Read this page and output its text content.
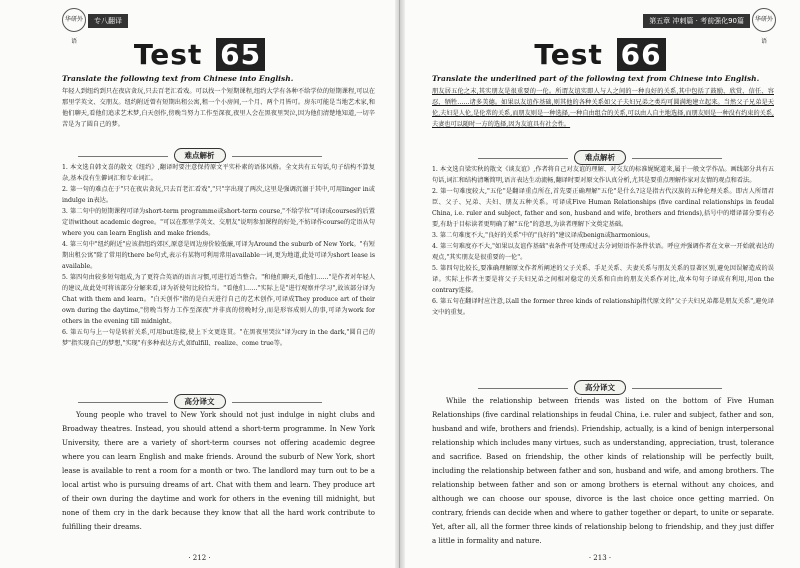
华研外语
专八翻译
Test 65
Translate the following text from Chinese into English.
年轻人到纽约到只在夜店贪玩,只去百老汇看戏。可以找一个短期课程,纽约大学有各种不给学位的短期课程,可以在那里学英文、交朋友。纽约附近曾有短期出租公寓,租一个小房间,一个月、两个月皆可。房东可能是当地艺术家,和他们聊天,看他们追求艺术梦,白天创作,傍晚当努力工作至深夜,夜里人会在黑夜里哭泣,因为他们清楚地知道,一切辛苦是为了圆自己的梦。
难点解析
1. 本文选自韩文喜的散文《纽约》,翻译时要注意保持原文平实朴素的语体风格。全文共有五句话,句子结构不算复杂,基本没有生僻词汇和专业词汇。
2. 第一句的难点在于"只在夜店贪玩,只去百老汇看戏","只"字出现了两次,这里是强调沉溺于其中,可用linger in或indulge in表达。
3. 第二句中的短期课程可译为short-term programme或short-term course,"不给学位"可译成courses的后置定语without academic degree。"可以在那里学英文、交朋友"说明参加课程的好处,不妨译作course的定语从句where you can learn English and make friends。
4. 第三句中"纽约附近"应该指纽约郊区,原意是周边房价较低廉,可译为Around the suburb of New York。"有短期出租公寓"除了常用的there be句式,表示有某物可利用常用available一词,更为地道,此处可译为short lease is available。
5. 第四句由较多短句组成,为了更符合英语的语言习惯,可进行适当整合。"和他们聊天,看他们……"是作者对年轻人的建议,故此处可将该部分分解来看,译为祈使句比较恰当。"看他们……"实际上是"进行观察并学习",故该部分译为Chat with them and learn。"白天创作"指的是白天进行自己的艺术创作,可译成They produce art of their own during the daytime,"傍晚当努力工作至深夜"并非真的傍晚时分,而是形容成则人的事,可译为work for others in the evening till midnight。
6. 第五句与上一句是转折关系,可用but连接,使上下文更连贯。"在黑夜里哭泣"译为cry in the dark,"圆自己的梦"指实现自己的梦想,"实现"有多种表达方式,如fulfill、realize、come true等。
高分译文
Young people who travel to New York should not just indulge in night clubs and Broadway theatres. Instead, you should attend a short-term programme. In New York University, there are a variety of short-term courses not offering academic degree where you can learn English and make friends. Around the suburb of New York, short lease is available to rent a room for a month or two. The landlord may turn out to be a local artist who is pursuing dreams of art. Chat with them and learn. They produce art of their own during the daytime and work for others in the evening till midnight, but none of them cry in the dark because they know that all the hard work contribute to fulfilling their dreams.
· 212 ·
华研外语
第五章 冲刺篇 · 考前强化90篇
Test 66
Translate the underlined part of the following text from Chinese into English.
朋友居五伦之末,其实朋友是很重要的一伦。所谓友谊实即人与人之间的一种良好的关系,其中包括了鼓励、欣赏、信任、容忍、牺牲……诸多美德。如果以友谊作基础,则其他的各种关系如父子夫妇兄弟之类均可圆满地建立起来。当然父子兄弟是天伦,夫妇是人伦,是伦常的关系,而朋友则是一种选择,一种自由组合的关系,可以由人自主地选择,而朋友则是一种没有约束的关系,夫妻也可以随时一方的选择,因为友谊具有社会性。
难点解析
1. 本文选自梁实秋的散文《谈友谊》,作者将自己对友谊的理解、对交友的标准娓娓道来,属于一般文学作品。画线部分共有五句话,词汇和结构清晰简明,语言表达生动流畅,翻译时要对原文作认真分析,尤其是要重点理解作家对友情的观点和看法。
2. 第一句难度较大,"五伦"是翻译重点所在,首先要正确理解"五伦"是什么?这是指古代汉族的五种伦理关系。即古人所谓君臣、父子、兄弟、夫妇、朋友五种关系。可译成Five Human Relationships (five cardinal relationships in feudal China, i.e. ruler and subject, father and son, husband and wife, brothers and friends),括号中的增译部分要有必要,有助于目标读者更明确了解"五伦"的意思,为读者理解下文奠定基础。
3. 第二句难度不大,"良好的关系"中的"良好的"建议译成benign或harmonious。
4. 第三句难度亦不大,"如果以友谊作基础"表条件可处理成过去分词短语作条件状语。呼应并强调作者在文章一开始就表达的观点,"其实朋友是很重要的一伦"。
5. 第四句比较长,要准确理解原文作者所阐述的父子关系、手足关系、夫妻关系与朋友关系的显著区别,避免因误解造成的误译。实际上作者主要是将父子夫妇兄弟之间相对稳定的关系和自由的朋友关系作对比,故本句句子译成有利用,用on the contrary连接。
6. 第五句在翻译时应注意,以all the former three kinds of relationship指代原文的"父子夫妇兄弟都是朋友关系",避免译文中的重复。
高分译文
While the relationship between friends was listed on the bottom of Five Human Relationships (five cardinal relationships in feudal China, i.e. ruler and subject, father and son, husband and wife, brothers and friends). Friendship, actually, is a kind of benign interpersonal relationship which includes many virtues, such as understanding, appreciation, trust, tolerance and sacrifice. Based on friendship, the other kinds of relationship will be perfectly built, including the relationship between father and son, husband and wife, and among brothers. The relationship between father and son or among brothers is eternal without any choices, and although we can choose our spouse, divorce is the last choice once getting married. On contrary, friends can decide when and where to gather together or depart, to unite or separate. Yet, after all, all the former three kinds of relationship belong to friendship, and they just differ a little in formality and nature.
· 213 ·
